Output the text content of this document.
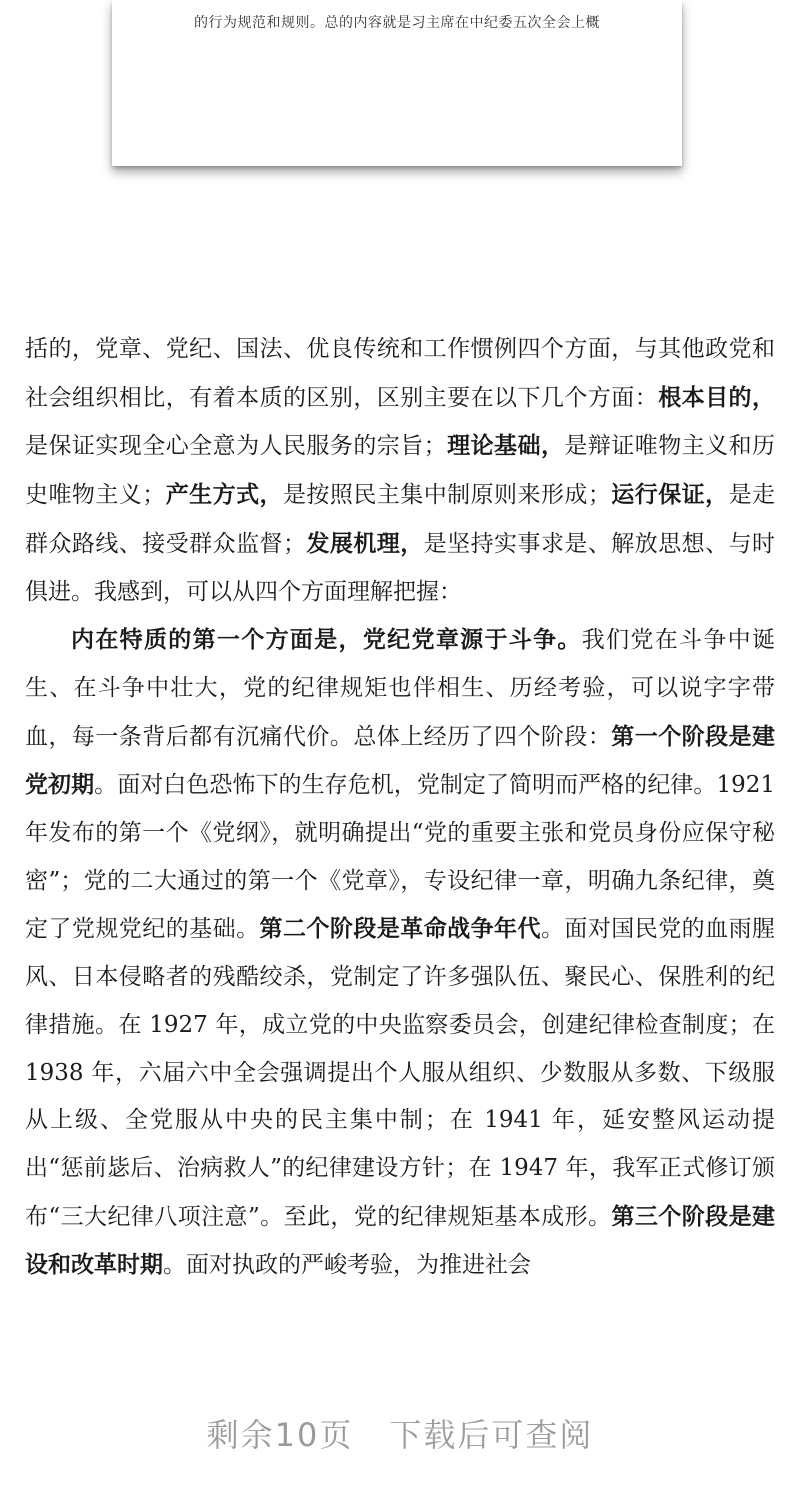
的行为规范和规则。总的内容就是习主席在中纪委五次全会上概

括的，党章、党纪、国法、优良传统和工作惯例四个方面，与其他政党和社会组织相比，有着本质的区别，区别主要在以下几个方面：根本目的，是保证实现全心全意为人民服务的宗旨；理论基础，是辩证唯物主义和历史唯物主义；产生方式，是按照民主集中制原则来形成；运行保证，是走群众路线、接受群众监督；发展机理，是坚持实事求是、解放思想、与时俱进。我感到，可以从四个方面理解把握：

内在特质的第一个方面是，党纪党章源于斗争。我们党在斗争中诞生、在斗争中壮大，党的纪律规矩也伴相生、历经考验，可以说字字带血，每一条背后都有沉痛代价。总体上经历了四个阶段：第一个阶段是建党初期。面对白色恐怖下的生存危机，党制定了简明而严格的纪律。1921 年发布的第一个《党纲》，就明确提出“党的重要主张和党员身份应保守秘密”；党的二大通过的第一个《党章》，专设纪律一章，明确九条纪律，奠定了党规党纪的基础。第二个阶段是革命战争年代。面对国民党的血雨腥风、日本侵略者的残酷绞杀，党制定了许多强队伍、聚民心、保胜利的纪律措施。在 1927 年，成立党的中央监察委员会，创建纪律检查制度；在 1938 年，六届六中全会强调提出个人服从组织、少数服从多数、下级服从上级、全党服从中央的民主集中制；在 1941 年，延安整风运动提出“惩前毖后、治病救人”的纪律建设方针；在 1947 年，我军正式修订颁布“三大纪律八项注意”。至此，党的纪律规矩基本成形。第三个阶段是建设和改革时期。面对执政的严峻考验，为推进社会

剩余10页 下载后可查阅
